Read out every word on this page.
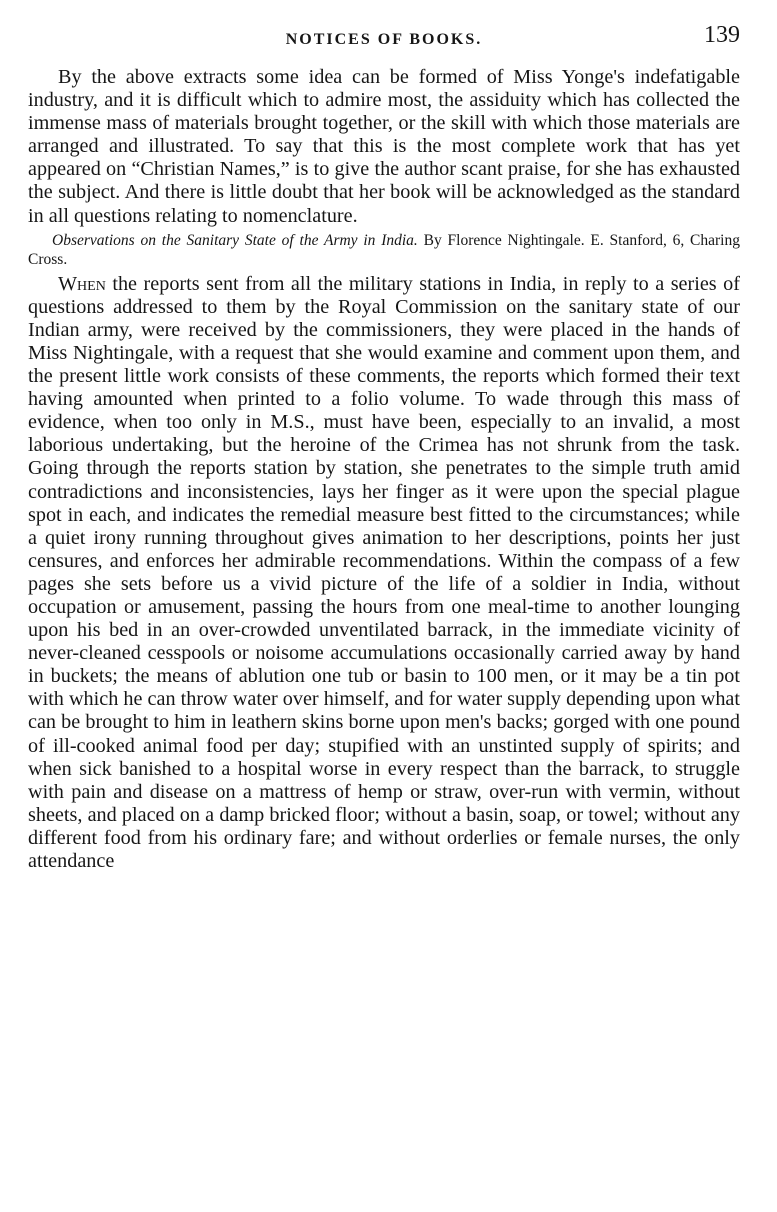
NOTICES OF BOOKS.	139

By the above extracts some idea can be formed of Miss Yonge's indefatigable industry, and it is difficult which to admire most, the assiduity which has collected the immense mass of materials brought together, or the skill with which those materials are arranged and illustrated. To say that this is the most complete work that has yet appeared on “Christian Names,” is to give the author scant praise, for she has exhausted the subject. And there is little doubt that her book will be acknowledged as the standard in all questions relating to nomenclature.

Observations on the Sanitary State of the Army in India. By Florence Nightingale. E. Stanford, 6, Charing Cross.

When the reports sent from all the military stations in India, in reply to a series of questions addressed to them by the Royal Commission on the sanitary state of our Indian army, were received by the commissioners, they were placed in the hands of Miss Nightingale, with a request that she would examine and comment upon them, and the present little work consists of these comments, the reports which formed their text having amounted when printed to a folio volume. To wade through this mass of evidence, when too only in M.S., must have been, especially to an invalid, a most laborious undertaking, but the heroine of the Crimea has not shrunk from the task. Going through the reports station by station, she penetrates to the simple truth amid contradictions and inconsistencies, lays her finger as it were upon the special plague spot in each, and indicates the remedial measure best fitted to the circumstances; while a quiet irony running throughout gives animation to her descriptions, points her just censures, and enforces her admirable recommendations. Within the compass of a few pages she sets before us a vivid picture of the life of a soldier in India, without occupation or amusement, passing the hours from one meal-time to another lounging upon his bed in an over-crowded unventilated barrack, in the immediate vicinity of never-cleaned cesspools or noisome accumulations occasionally carried away by hand in buckets; the means of ablution one tub or basin to 100 men, or it may be a tin pot with which he can throw water over himself, and for water supply depending upon what can be brought to him in leathern skins borne upon men's backs; gorged with one pound of ill-cooked animal food per day; stupified with an unstinted supply of spirits; and when sick banished to a hospital worse in every respect than the barrack, to struggle with pain and disease on a mattress of hemp or straw, over-run with vermin, without sheets, and placed on a damp bricked floor; without a basin, soap, or towel; without any different food from his ordinary fare; and without orderlies or female nurses, the only attendance
